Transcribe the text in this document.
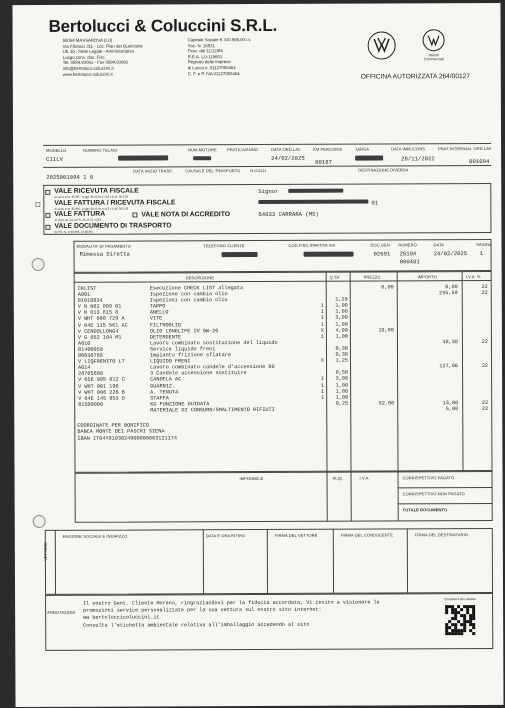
Bertolucci & Coluccini S.R.L.
55054 MASSAROSA (LU)
Via Fibrasci 311 - Loc. Pian del Quercione
Ub. Ex. Sede Legale - Amministrativa
Luogo cons. doc. Fisc.
Tel. 0584.93061 - Fax 0584.93083
info@bertolucci-coluccini.it
www.bertolucci-coluccini.it
Capitale Sociale € 330.988,00 i.v.
Soc. N. 16531
Fasc. dal 11/12/84
R.E.A. LU-119601
Registro delle Imprese
di Lucca n. 01127050464
C. F. e P. IVA 01127050464
Veicoli
Commerciali
OFFICINA AUTORIZZATA 264/00127
MODELLO	NUMERO TELAIO	NUM.MOTORE	PRATICA/ANNO	DATA ORD.LAV	KM PERCORSI	TARGA	DATA IMM./CONS.	PRAT.INTERNA N. ORD.LAV
C11LV	24/02/2025
00187	28/11/2022	001094
DATA INIZIO TRASP.	CAUSALE DEL TRASPORTO N.COLLI	DESTINAZIONE DIVERSA
2025001094 1 6
VALE RICEVUTA FISCALE
Ai sensi D.M. 3/7/80 - Legge 30.12.91 n.413 e D.M. 30.3.92
VALE FATTURA / RICEVUTA FISCALE
Ai sensi D.M. 3/7/80 - Legge 30.12.91 n.413 e D.M. 30.3.92
VALE FATTURA
Ai sensi art. 21 D.P.R. 26.10.72 n.633
VALE NOTA DI ACCREDITO
VALE DOCUMENTO DI TRASPORTO
(D.P.R. N. 472/1996, 14.08.96)
Signor
01
54033 CARRARA (MS)
MODALITA' DI PAGAMENTO
Rimessa Diretta
TELEFONO CLIENTE	COD.FISC./PARTITA IVA	DOC.GEN
02691
NUMERO
2519#
000481
DATA
24/02/2025
PAGINA
1
DESCRIZIONE	Q.TA'	PREZZO	IMPORTO	I.V.A. %
CKLIST	Esecuzione CHECK LIST allegata			0,00	0,00	22
A001	Ispezione con cambio olio				235,59	22
01010034	Ispezioni con cambio olio		1,20			
V N N62 809 01	TAPPO	1	1,00			
V N 013 815 8	ANELLO	1	1,00			
V WHT 000 729 A	VITE	1	3,00			
V 04E 115 561 AC	FILTROOLIO	1	1,00			
V CENDOLLONG4	OLIO LONGLIFE IV 0W-20	X	4,00	10,00		
V G 052 164 M1	DETERGENTE	1	1,00			
A010	Lavoro combinato sostituzione del liquido				40,38	22
01400050	Service liquido freni		0,30			
00030780	Impianto frizione sfiatare		0,30			
V LIQFRENITO LT	LIQUIDO FRENI	X	1,25			
A014	Lavoro combinato candele d'accensione 80				127,86	22
28705680	3 Candele accensione sostituire		0,50			
V 05E 905 612 C	CANDELA AC	1	3,00			
V WHT 001 198	GUARNIZ.	1	1,00			
V WHT 006 226 B	A. TENUTA	1	1,00			
V 04E 145 853 D	STAFFA	1	1,00			
01500000	KG FUNZIONE GUIDATA		0,25	52,00	13,00	22
	MATERIALE DI CONSUMO/SMALTIMENTO RIFIUTI				5,00	22
COORDINATE PER BONIFICO
BANCA MONTE DEI PASCHI SIENA
IBAN IT04Y0103024900000063121174
IMPONIBILE	ALIQ.	I.V.A.	CORRISPETTIVO PAGATO
CORRISPETTIVO NON PAGATO
TOTALE DOCUMENTO
VETTORE
RAGIONE SOCIALE E INDIRIZZO	DATA E ORA RITIRO	FIRMA DEL VETTORE	FIRMA DEL CONDUCENTE	FIRMA DEL DESTINATARIO
ANNOTAZIONI
Il vostro Gent. Cliente Moreno, ringraziandovi per la fiducia accordata, Vi invito a visionare le
promozioni service personalizzate per la sua vettura sul nostro sito internet:
ww bertoluccicoluccini.it
Consulta l'etichetta ambientale relativa all'imballaggio accedendo al sito
Consulta il sito relativo
